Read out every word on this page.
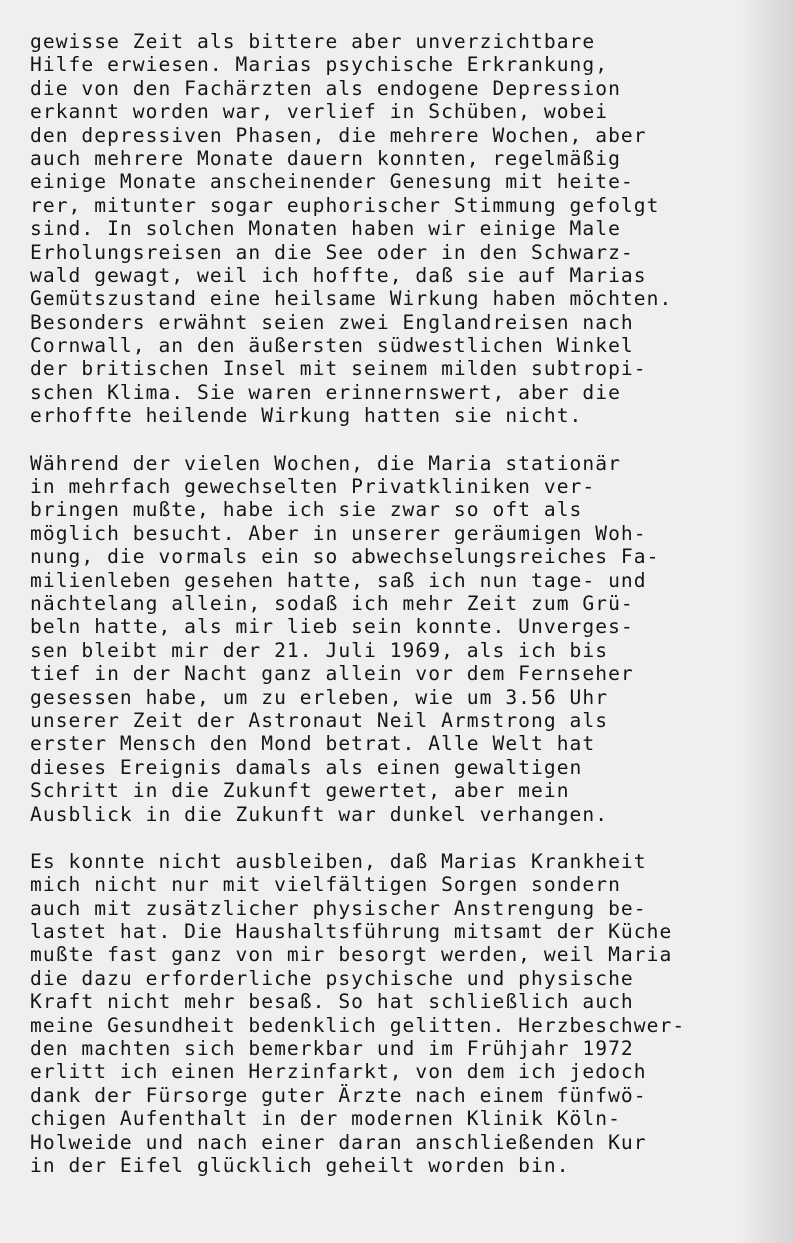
gewisse Zeit als bittere aber unverzichtbare
Hilfe erwiesen. Marias psychische Erkrankung,
die von den Fachärzten als endogene Depression
erkannt worden war, verlief in Schüben, wobei
den depressiven Phasen, die mehrere Wochen, aber
auch mehrere Monate dauern konnten, regelmäßig
einige Monate anscheinender Genesung mit heite-
rer, mitunter sogar euphorischer Stimmung gefolgt
sind. In solchen Monaten haben wir einige Male
Erholungsreisen an die See oder in den Schwarz-
wald gewagt, weil ich hoffte, daß sie auf Marias
Gemütszustand eine heilsame Wirkung haben möchten.
Besonders erwähnt seien zwei Englandreisen nach
Cornwall, an den äußersten südwestlichen Winkel
der britischen Insel mit seinem milden subtropi-
schen Klima. Sie waren erinnernswert, aber die
erhoffte heilende Wirkung hatten sie nicht.
Während der vielen Wochen, die Maria stationär
in mehrfach gewechselten Privatkliniken ver-
bringen mußte, habe ich sie zwar so oft als
möglich besucht. Aber in unserer geräumigen Woh-
nung, die vormals ein so abwechselungsreiches Fa-
milienleben gesehen hatte, saß ich nun tage- und
nächtelang allein, sodaß ich mehr Zeit zum Grü-
beln hatte, als mir lieb sein konnte. Unverges-
sen bleibt mir der 21. Juli 1969, als ich bis
tief in der Nacht ganz allein vor dem Fernseher
gesessen habe, um zu erleben, wie um 3.56 Uhr
unserer Zeit der Astronaut Neil Armstrong als
erster Mensch den Mond betrat. Alle Welt hat
dieses Ereignis damals als einen gewaltigen
Schritt in die Zukunft gewertet, aber mein
Ausblick in die Zukunft war dunkel verhangen.
Es konnte nicht ausbleiben, daß Marias Krankheit
mich nicht nur mit vielfältigen Sorgen sondern
auch mit zusätzlicher physischer Anstrengung be-
lastet hat. Die Haushaltsführung mitsamt der Küche
mußte fast ganz von mir besorgt werden, weil Maria
die dazu erforderliche psychische und physische
Kraft nicht mehr besaß. So hat schließlich auch
meine Gesundheit bedenklich gelitten. Herzbeschwer-
den machten sich bemerkbar und im Frühjahr 1972
erlitt ich einen Herzinfarkt, von dem ich jedoch
dank der Fürsorge guter Ärzte nach einem fünfwö-
chigen Aufenthalt in der modernen Klinik Köln-
Holweide und nach einer daran anschließenden Kur
in der Eifel glücklich geheilt worden bin.
